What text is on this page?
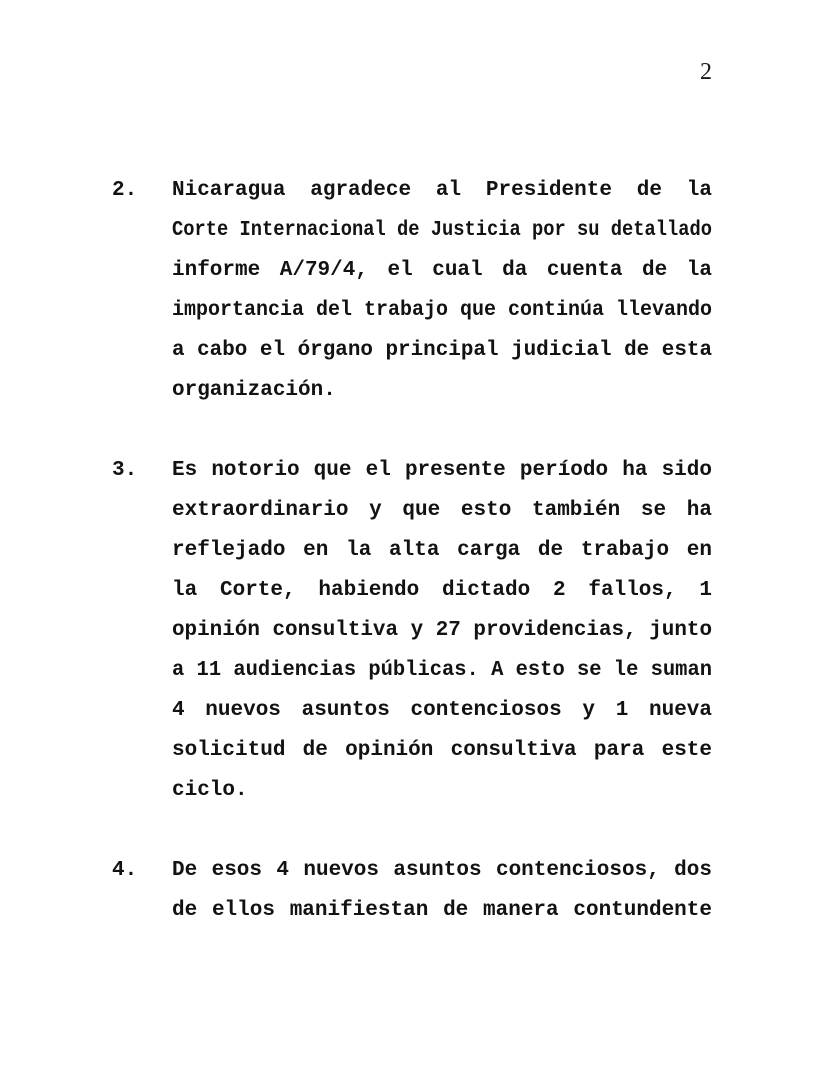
2
2.	Nicaragua agradece al Presidente de la
Corte Internacional de Justicia por su detallado
informe A/79/4, el cual da cuenta de la
importancia del trabajo que continúa llevando
a cabo el órgano principal judicial de esta
organización.
3.	Es notorio que el presente período ha sido
extraordinario y que esto también se ha
reflejado en la alta carga de trabajo en
la Corte, habiendo dictado 2 fallos, 1
opinión consultiva y 27 providencias, junto
a 11 audiencias públicas. A esto se le suman
4 nuevos asuntos contenciosos y 1 nueva
solicitud de opinión consultiva para este
ciclo.
4.	De esos 4 nuevos asuntos contenciosos, dos
de ellos manifiestan de manera contundente
